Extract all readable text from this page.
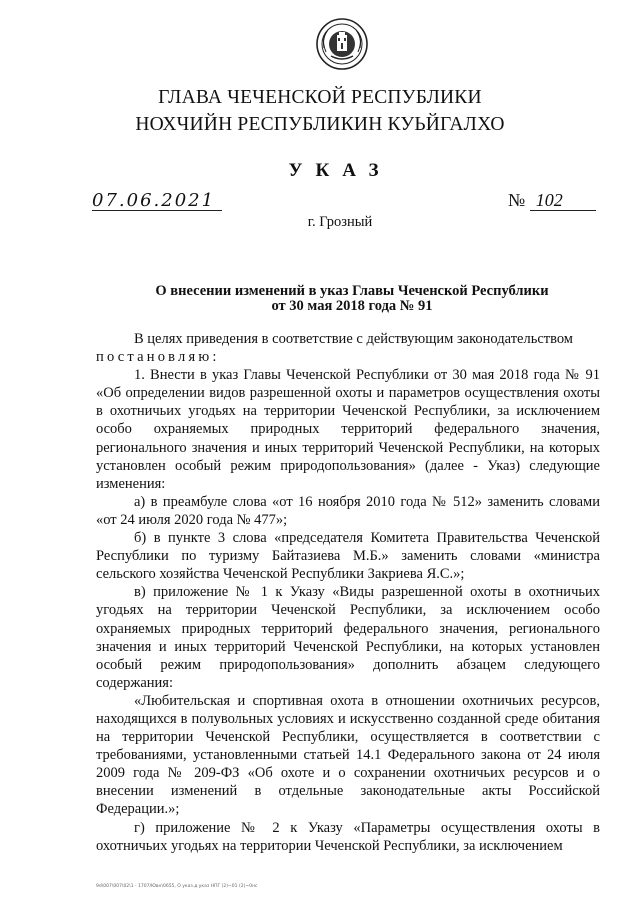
ГЛАВА ЧЕЧЕНСКОЙ РЕСПУБЛИКИ
НОХЧИЙН РЕСПУБЛИКИН КУЬЙГАЛХО
УКАЗ
07.06.2021	№ 102
г. Грозный
О внесении изменений в указ Главы Чеченской Республики
от 30 мая 2018 года № 91

В целях приведения в соответствие с действующим законодательством

постановляю:

1. Внести в указ Главы Чеченской Республики от 30 мая 2018 года № 91 «Об определении видов разрешенной охоты и параметров осуществления охоты в охотничьих угодьях на территории Чеченской Республики, за исключением особо охраняемых природных территорий федерального значения, регионального значения и иных территорий Чеченской Республики, на которых установлен особый режим природопользования» (далее - Указ) следующие изменения:

а) в преамбуле слова «от 16 ноября 2010 года № 512» заменить словами «от 24 июля 2020 года № 477»;

б) в пункте 3 слова «председателя Комитета Правительства Чеченской Республики по туризму Байтазиева М.Б.» заменить словами «министра сельского хозяйства Чеченской Республики Закриева Я.С.»;

в) приложение № 1 к Указу «Виды разрешенной охоты в охотничьих угодьях на территории Чеченской Республики, за исключением особо охраняемых природных территорий федерального значения, региональногo значения и иных территорий Чеченской Республики, на которых установлен особый режим природопользования» дополнить абзацем следующего содержания:

«Любительская и спортивная охота в отношении охотничьих ресурсов, находящихся в полувольных условиях и искусственно созданной среде обитания на территории Чеченской Республики, осуществляется в соответствии с требованиями, установленными статьей 14.1 Федерального закона от 24 июля 2009 года № 209-ФЗ «Об охоте и о сохранении охотничьих ресурсов и о внесении изменений в отдельные законодательные акты Российской Федерации.»;

г) приложение № 2 к Указу «Параметры осуществления охоты в охотничьих угодьях на территории Чеченской Республики, за исключением

9d\007\007\02\1 - 1707/Ювн\0655, О указ.д указ НПГ (2)~01 (2)~0нс
